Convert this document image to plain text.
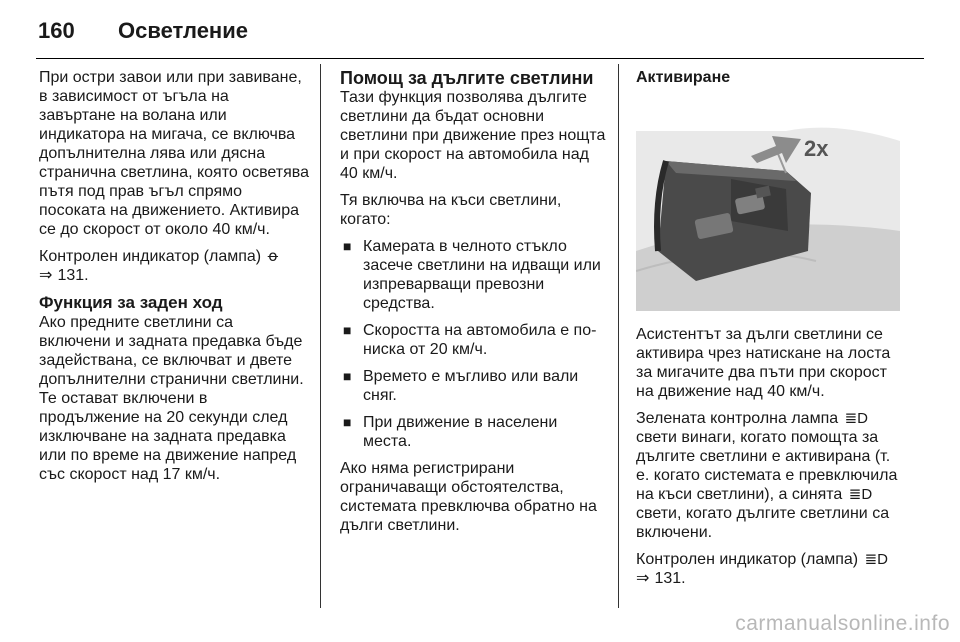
160 Осветление

При остри завои или при завиване, в зависимост от ъгъла на завъртане на волана или индикатора на мигача, се включва допълнителна лява или дясна странична светлина, която осветява пътя под прав ъгъл спрямо посоката на движението. Активира се до скорост от около 40 км/ч.

Контролен индикатор (лампа) ꝋ
⇒ 131.

Функция за заден ход

Ако предните светлини са включени и задната предавка бъде задействана, се включват и двете допълнителни странични светлини. Те остават включени в продължение на 20 секунди след изключване на задната предавка или по време на движение напред със скорост над 17 км/ч.

Помощ за дългите светлини

Тази функция позволява дългите светлини да бъдат основни светлини при движение през нощта и при скорост на автомобила над 40 км/ч.

Тя включва на къси светлини, когато:

■ Камерата в челното стъкло засече светлини на идващи или изпреварващи превозни средства.
■ Скоростта на автомобила е по-ниска от 20 км/ч.
■ Времето е мъгливо или вали сняг.
■ При движение в населени места.

Ако няма регистрирани ограничаващи обстоятелства, системата превключва обратно на дълги светлини.

Активиране
2x

Асистентът за дълги светлини се активира чрез натискане на лоста за мигачите два пъти при скорост на движение над 40 км/ч.

Зелената контролна лампа ≣D свети винаги, когато помощта за дългите светлини е активирана (т. е. когато системата е превключила на къси светлини), а синята ≣D свети, когато дългите светлини са включени.

Контролен индикатор (лампа) ≣D
⇒ 131.

carmanualsonline.info
